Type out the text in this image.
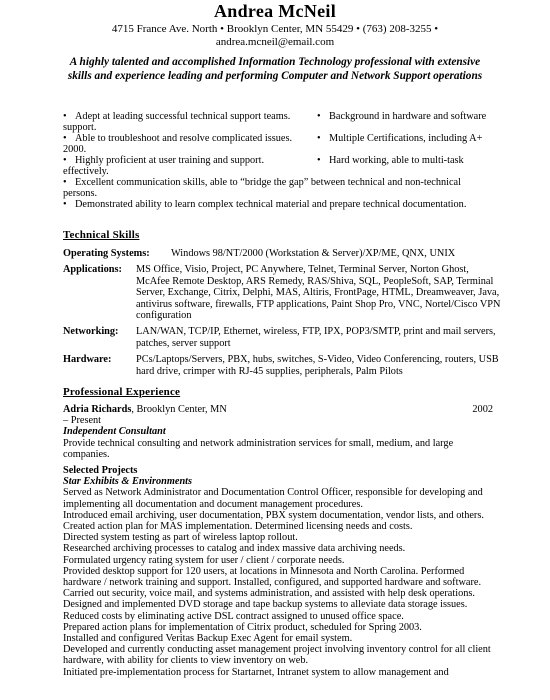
Andrea McNeil
4715 France Ave. North • Brooklyn Center, MN 55429 • (763) 208-3255 •
andrea.mcneil@email.com
A highly talented and accomplished Information Technology professional with extensive
skills and experience leading and performing Computer and Network Support operations
• Adept at leading successful technical support teams. support.
• Background in hardware and software
• Able to troubleshoot and resolve complicated issues. 2000.
• Multiple Certifications, including A+
• Highly proficient at user training and support. effectively.
• Hard working, able to multi-task
• Excellent communication skills, able to “bridge the gap” between technical and non-technical persons.
• Demonstrated ability to learn complex technical material and prepare technical documentation.
Technical Skills
Operating Systems: Windows 98/NT/2000 (Workstation & Server)/XP/ME, QNX, UNIX
Applications: MS Office, Visio, Project, PC Anywhere, Telnet, Terminal Server, Norton Ghost, McAfee Remote Desktop, ARS Remedy, RAS/Shiva, SQL, PeopleSoft, SAP, Terminal Server, Exchange, Citrix, Delphi, MAS, Altiris, FrontPage, HTML, Dreamweaver, Java, antivirus software, firewalls, FTP applications, Paint Shop Pro, VNC, Nortel/Cisco VPN configuration
Networking: LAN/WAN, TCP/IP, Ethernet, wireless, FTP, IPX, POP3/SMTP, print and mail servers, patches, server support
Hardware: PCs/Laptops/Servers, PBX, hubs, switches, S-Video, Video Conferencing, routers, USB hard drive, crimper with RJ-45 supplies, peripherals, Palm Pilots
Professional Experience
Adria Richards, Brooklyn Center, MN	2002
– Present
Independent Consultant
Provide technical consulting and network administration services for small, medium, and large companies.
Selected Projects
Star Exhibits & Environments
Served as Network Administrator and Documentation Control Officer, responsible for developing and implementing all documentation and document management procedures.
Introduced email archiving, user documentation, PBX system documentation, vendor lists, and others.
Created action plan for MAS implementation. Determined licensing needs and costs.
Directed system testing as part of wireless laptop rollout.
Researched archiving processes to catalog and index massive data archiving needs.
Formulated urgency rating system for user / client / corporate needs.
Provided desktop support for 120 users, at locations in Minnesota and North Carolina. Performed hardware / network training and support. Installed, configured, and supported hardware and software.
Carried out security, voice mail, and systems administration, and assisted with help desk operations.
Designed and implemented DVD storage and tape backup systems to alleviate data storage issues.
Reduced costs by eliminating active DSL contract assigned to unused office space.
Prepared action plans for implementation of Citrix product, scheduled for Spring 2003.
Installed and configured Veritas Backup Exec Agent for email system.
Developed and currently conducting asset management project involving inventory control for all client hardware, with ability for clients to view inventory on web.
Initiated pre-implementation process for Startarnet, Intranet system to allow management and
